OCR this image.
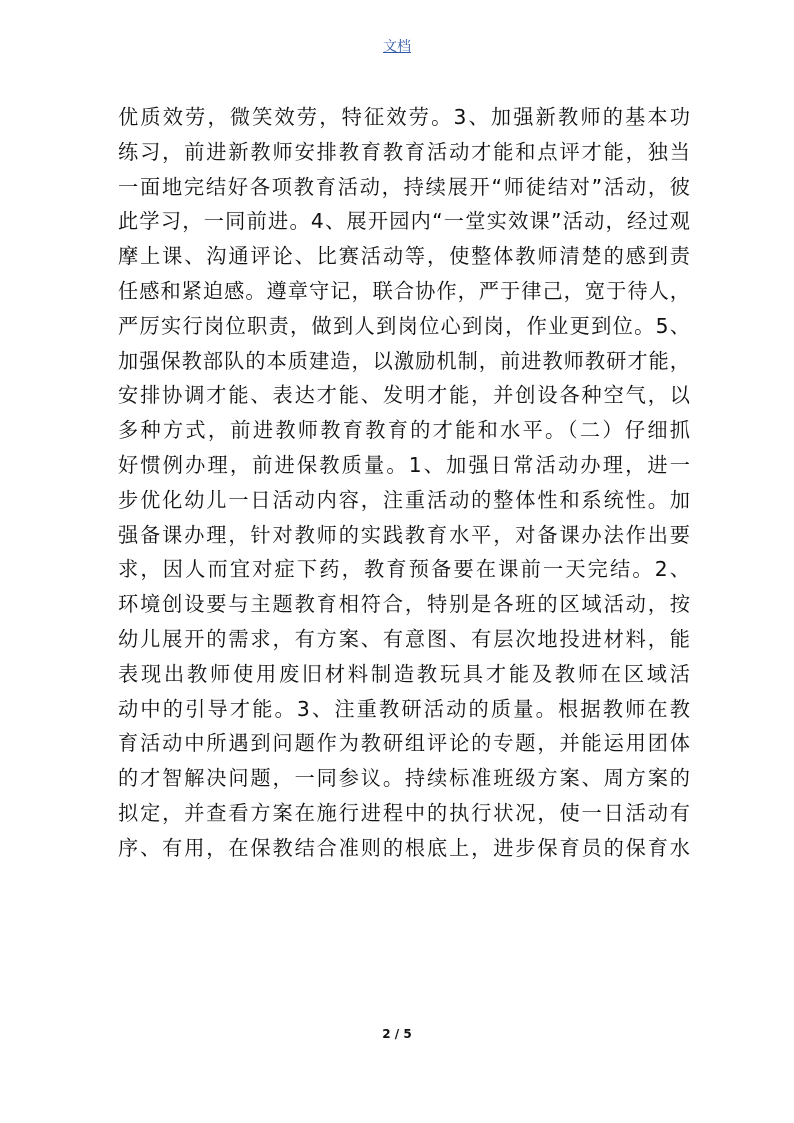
文档
优质效劳，微笑效劳，特征效劳。3、加强新教师的基本功
练习，前进新教师安排教育教育活动才能和点评才能，独当
一面地完结好各项教育活动，持续展开“师徒结对”活动，彼
此学习，一同前进。4、展开园内“一堂实效课”活动，经过观
摩上课、沟通评论、比赛活动等，使整体教师清楚的感到责
任感和紧迫感。遵章守记，联合协作，严于律己，宽于待人，
严厉实行岗位职责，做到人到岗位心到岗，作业更到位。5、
加强保教部队的本质建造，以激励机制，前进教师教研才能，
安排协调才能、表达才能、发明才能，并创设各种空气，以
多种方式，前进教师教育教育的才能和水平。（二）仔细抓
好惯例办理，前进保教质量。1、加强日常活动办理，进一
步优化幼儿一日活动内容，注重活动的整体性和系统性。加
强备课办理，针对教师的实践教育水平，对备课办法作出要
求，因人而宜对症下药，教育预备要在课前一天完结。2、
环境创设要与主题教育相符合，特别是各班的区域活动，按
幼儿展开的需求，有方案、有意图、有层次地投进材料，能
表现出教师使用废旧材料制造教玩具才能及教师在区域活
动中的引导才能。3、注重教研活动的质量。根据教师在教
育活动中所遇到问题作为教研组评论的专题，并能运用团体
的才智解决问题，一同参议。持续标准班级方案、周方案的
拟定，并查看方案在施行进程中的执行状况，使一日活动有
序、有用，在保教结合准则的根底上，进步保育员的保育水
2 / 5
